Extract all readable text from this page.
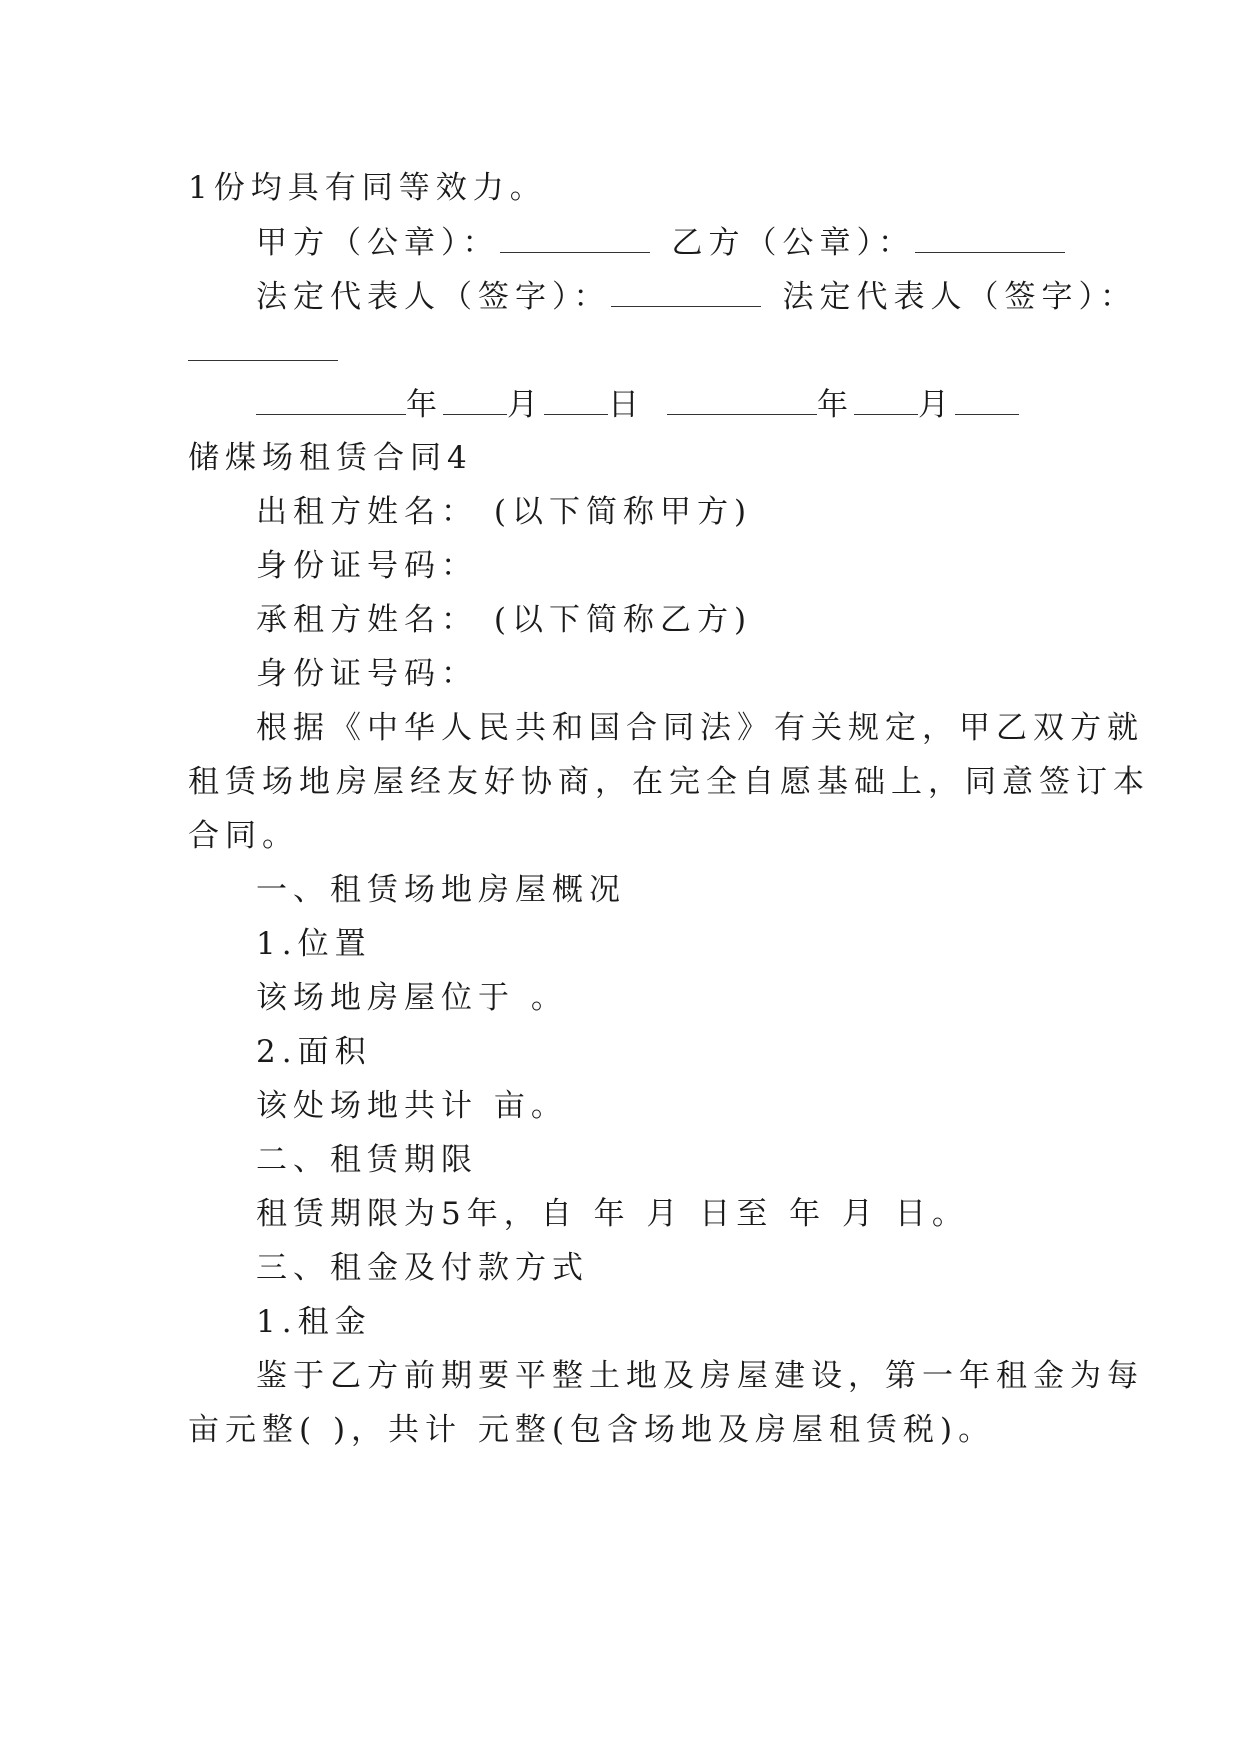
1份均具有同等效力。
甲方（公章）：	乙方（公章）：
法定代表人（签字）：	法定代表人（签字）：
年 月 日	年 月
储煤场租赁合同4
出租方姓名： (以下简称甲方)
身份证号码：
承租方姓名： (以下简称乙方)
身份证号码：
根据《中华人民共和国合同法》有关规定，甲乙双方就
租赁场地房屋经友好协商，在完全自愿基础上，同意签订本
合同。
一、租赁场地房屋概况
1.位置
该场地房屋位于 。
2.面积
该处场地共计 亩。
二、租赁期限
租赁期限为5年，自 年 月 日至 年 月 日。
三、租金及付款方式
1.租金
鉴于乙方前期要平整土地及房屋建设，第一年租金为每
亩元整( )，共计 元整(包含场地及房屋租赁税)。
